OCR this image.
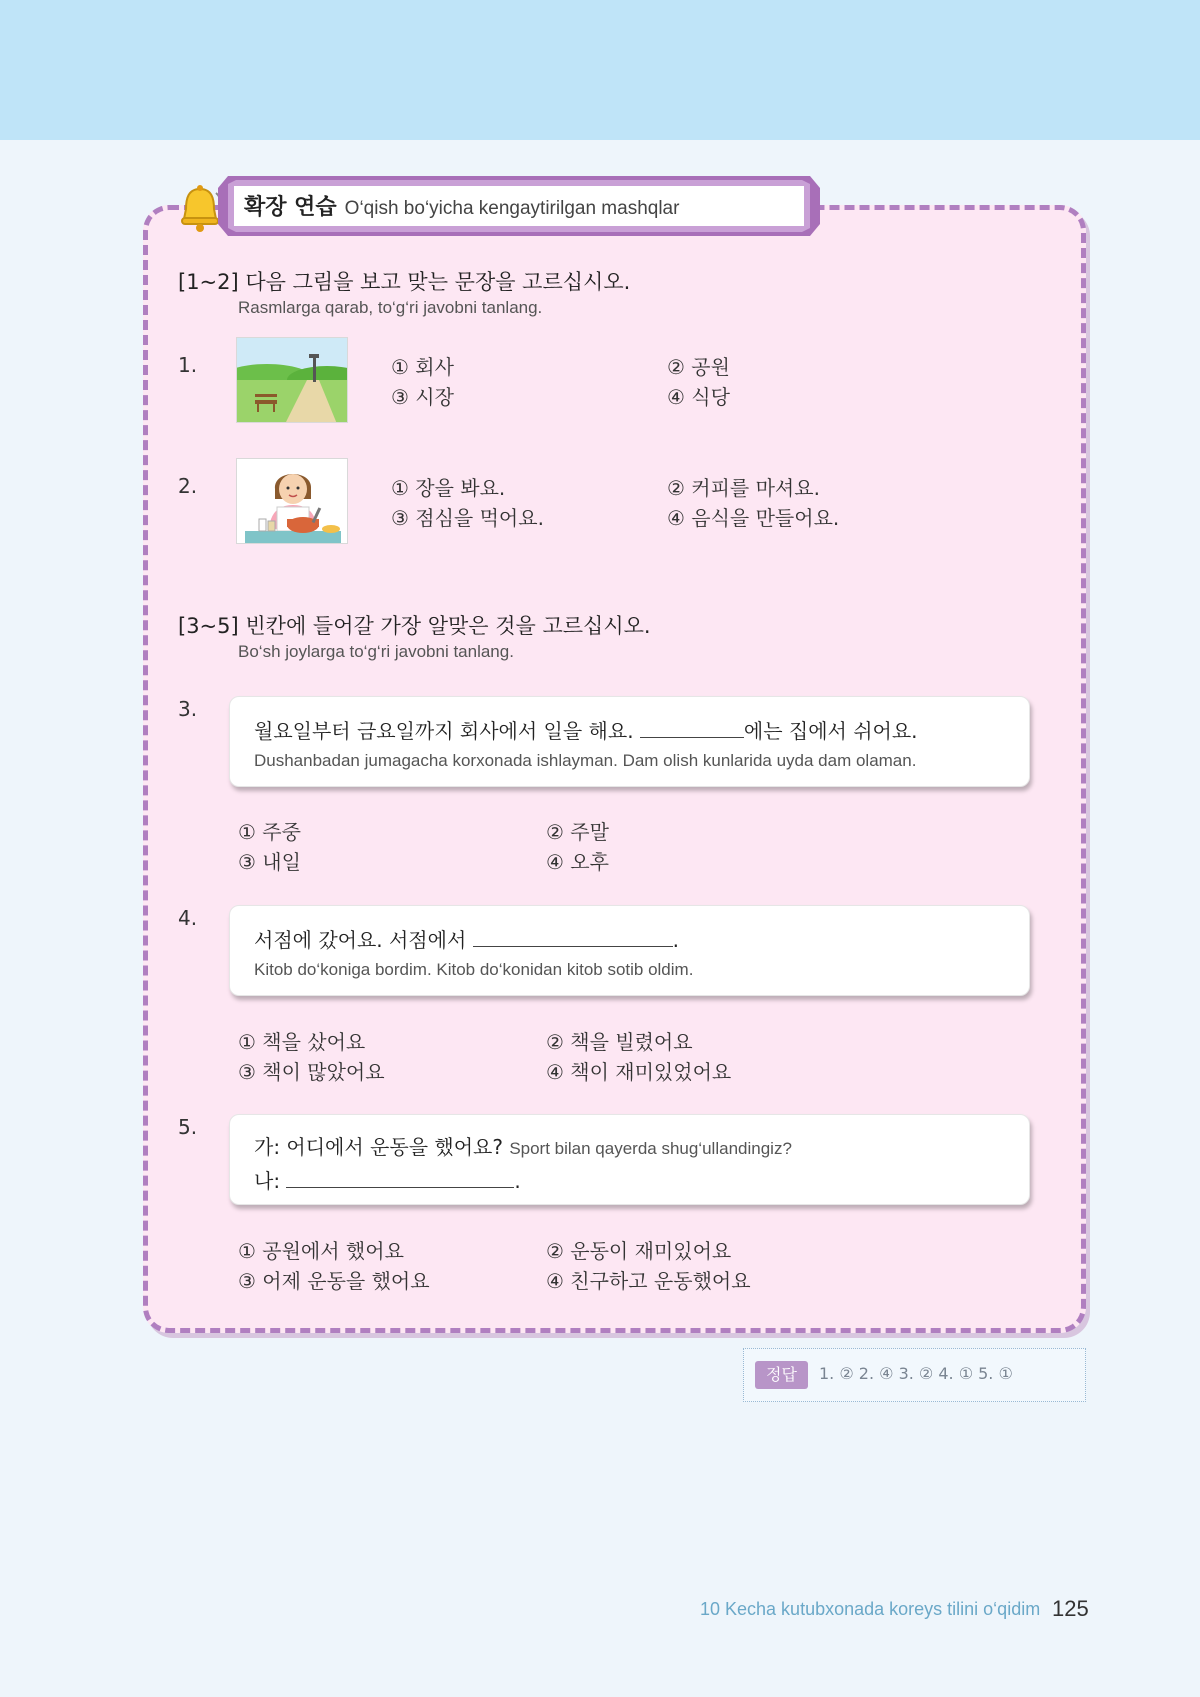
확장 연습 O‘qish bo‘yicha kengaytirilgan mashqlar
[1~2] 다음 그림을 보고 맞는 문장을 고르십시오.
Rasmlarga qarab, to‘g‘ri javobni tanlang.
1.	① 회사	② 공원
③ 시장	④ 식당
2.	① 장을 봐요.	② 커피를 마셔요.
③ 점심을 먹어요.	④ 음식을 만들어요.
[3~5] 빈칸에 들어갈 가장 알맞은 것을 고르십시오.
Bo‘sh joylarga to‘g‘ri javobni tanlang.
3.
월요일부터 금요일까지 회사에서 일을 해요.	에는 집에서 쉬어요.
Dushanbadan jumagacha korxonada ishlayman. Dam olish kunlarida uyda dam olaman.
① 주중	② 주말
③ 내일	④ 오후
4.
서점에 갔어요. 서점에서	.
Kitob do‘koniga bordim. Kitob do‘konidan kitob sotib oldim.
① 책을 샀어요	② 책을 빌렸어요
③ 책이 많았어요	④ 책이 재미있었어요
5.
가: 어디에서 운동을 했어요? Sport bilan qayerda shug‘ullandingiz?
나:	.
① 공원에서 했어요	② 운동이 재미있어요
③ 어제 운동을 했어요	④ 친구하고 운동했어요
정답	1. ② 2. ④ 3. ② 4. ① 5. ①
10 Kecha kutubxonada koreys tilini o‘qidim 125
